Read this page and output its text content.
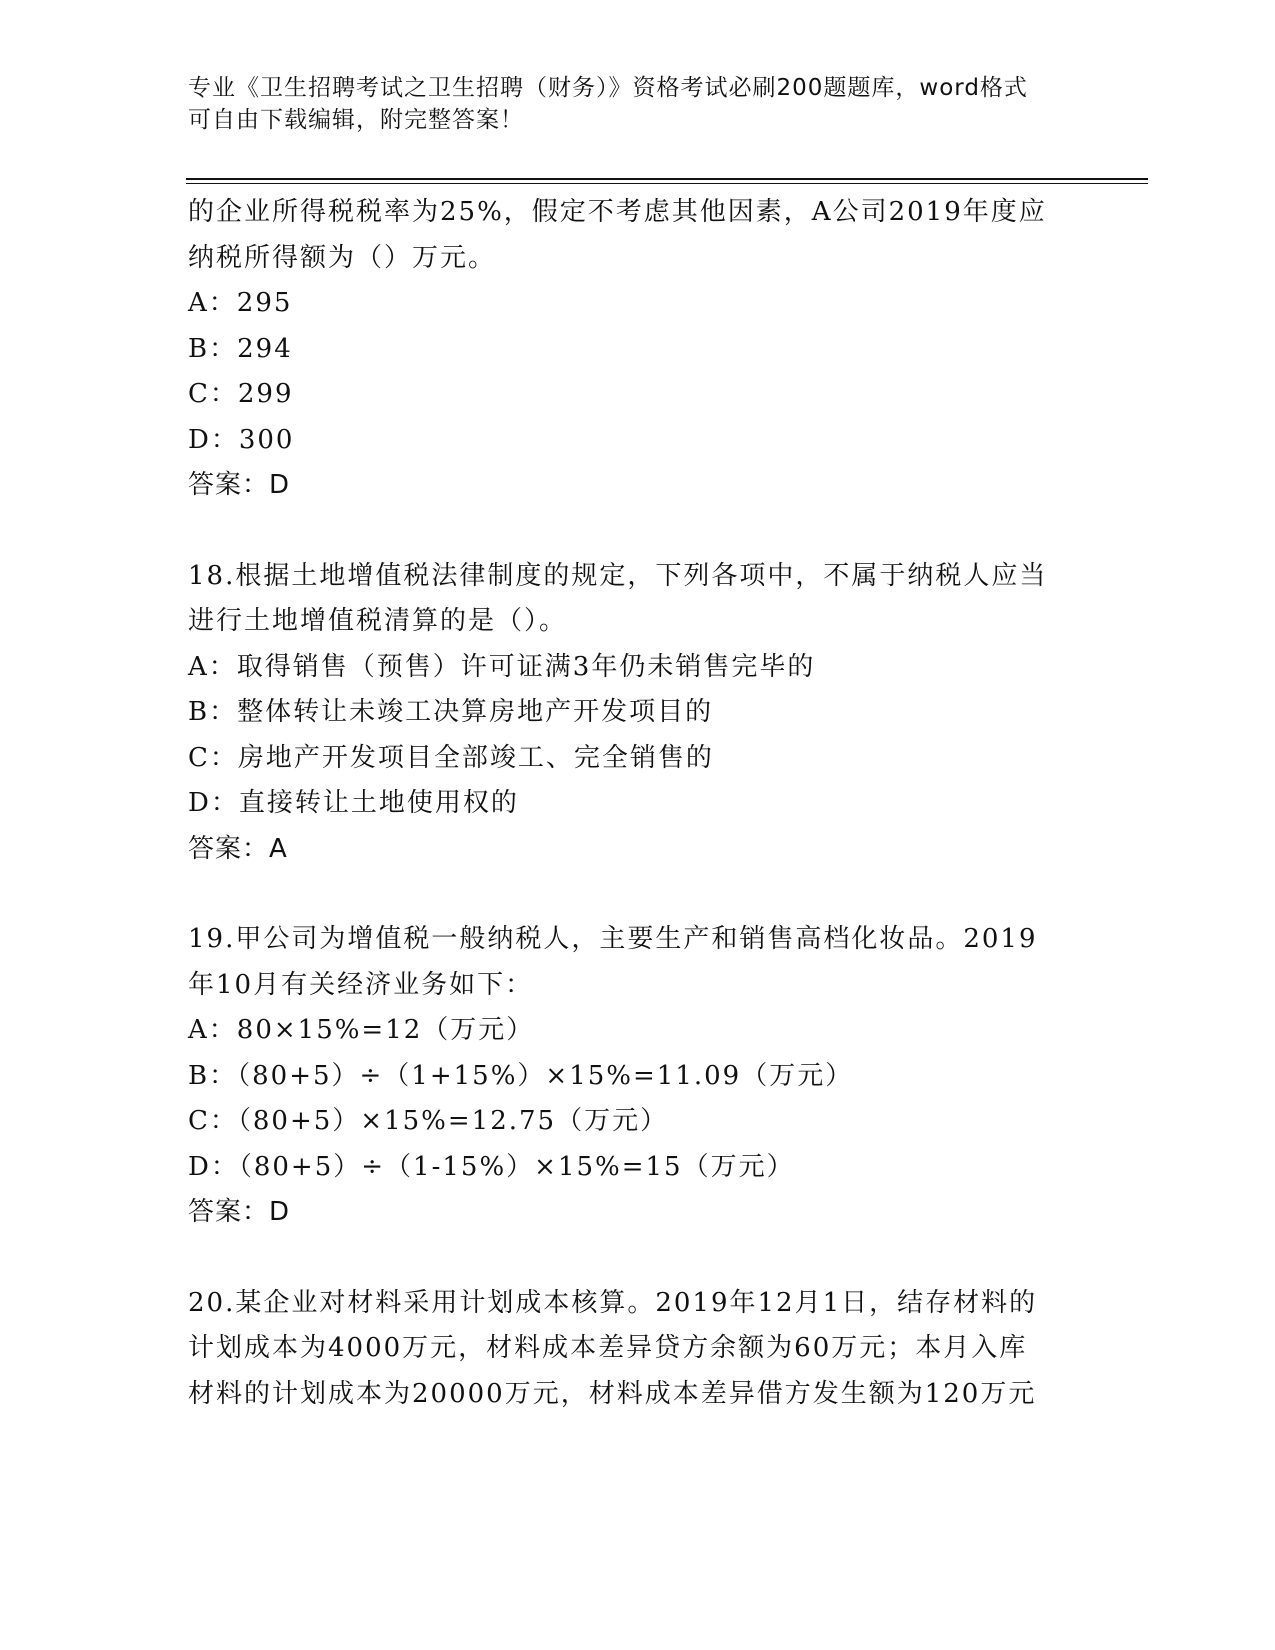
专业《卫生招聘考试之卫生招聘（财务）》资格考试必刷200题题库，word格式
可自由下载编辑，附完整答案！
的企业所得税税率为25%，假定不考虑其他因素，A公司2019年度应
纳税所得额为（）万元。
A：295
B：294
C：299
D：300
答案：D
18.根据土地增值税法律制度的规定，下列各项中，不属于纳税人应当
进行土地增值税清算的是（）。
A：取得销售（预售）许可证满3年仍未销售完毕的
B：整体转让未竣工决算房地产开发项目的
C：房地产开发项目全部竣工、完全销售的
D：直接转让土地使用权的
答案：A
19.甲公司为增值税一般纳税人，主要生产和销售高档化妆品。2019
年10月有关经济业务如下：
A：80×15%=12（万元）
B：（80+5）÷（1+15%）×15%=11.09（万元）
C：（80+5）×15%=12.75（万元）
D：（80+5）÷（1-15%）×15%=15（万元）
答案：D
20.某企业对材料采用计划成本核算。2019年12月1日，结存材料的
计划成本为4000万元，材料成本差异贷方余额为60万元；本月入库
材料的计划成本为20000万元，材料成本差异借方发生额为120万元
